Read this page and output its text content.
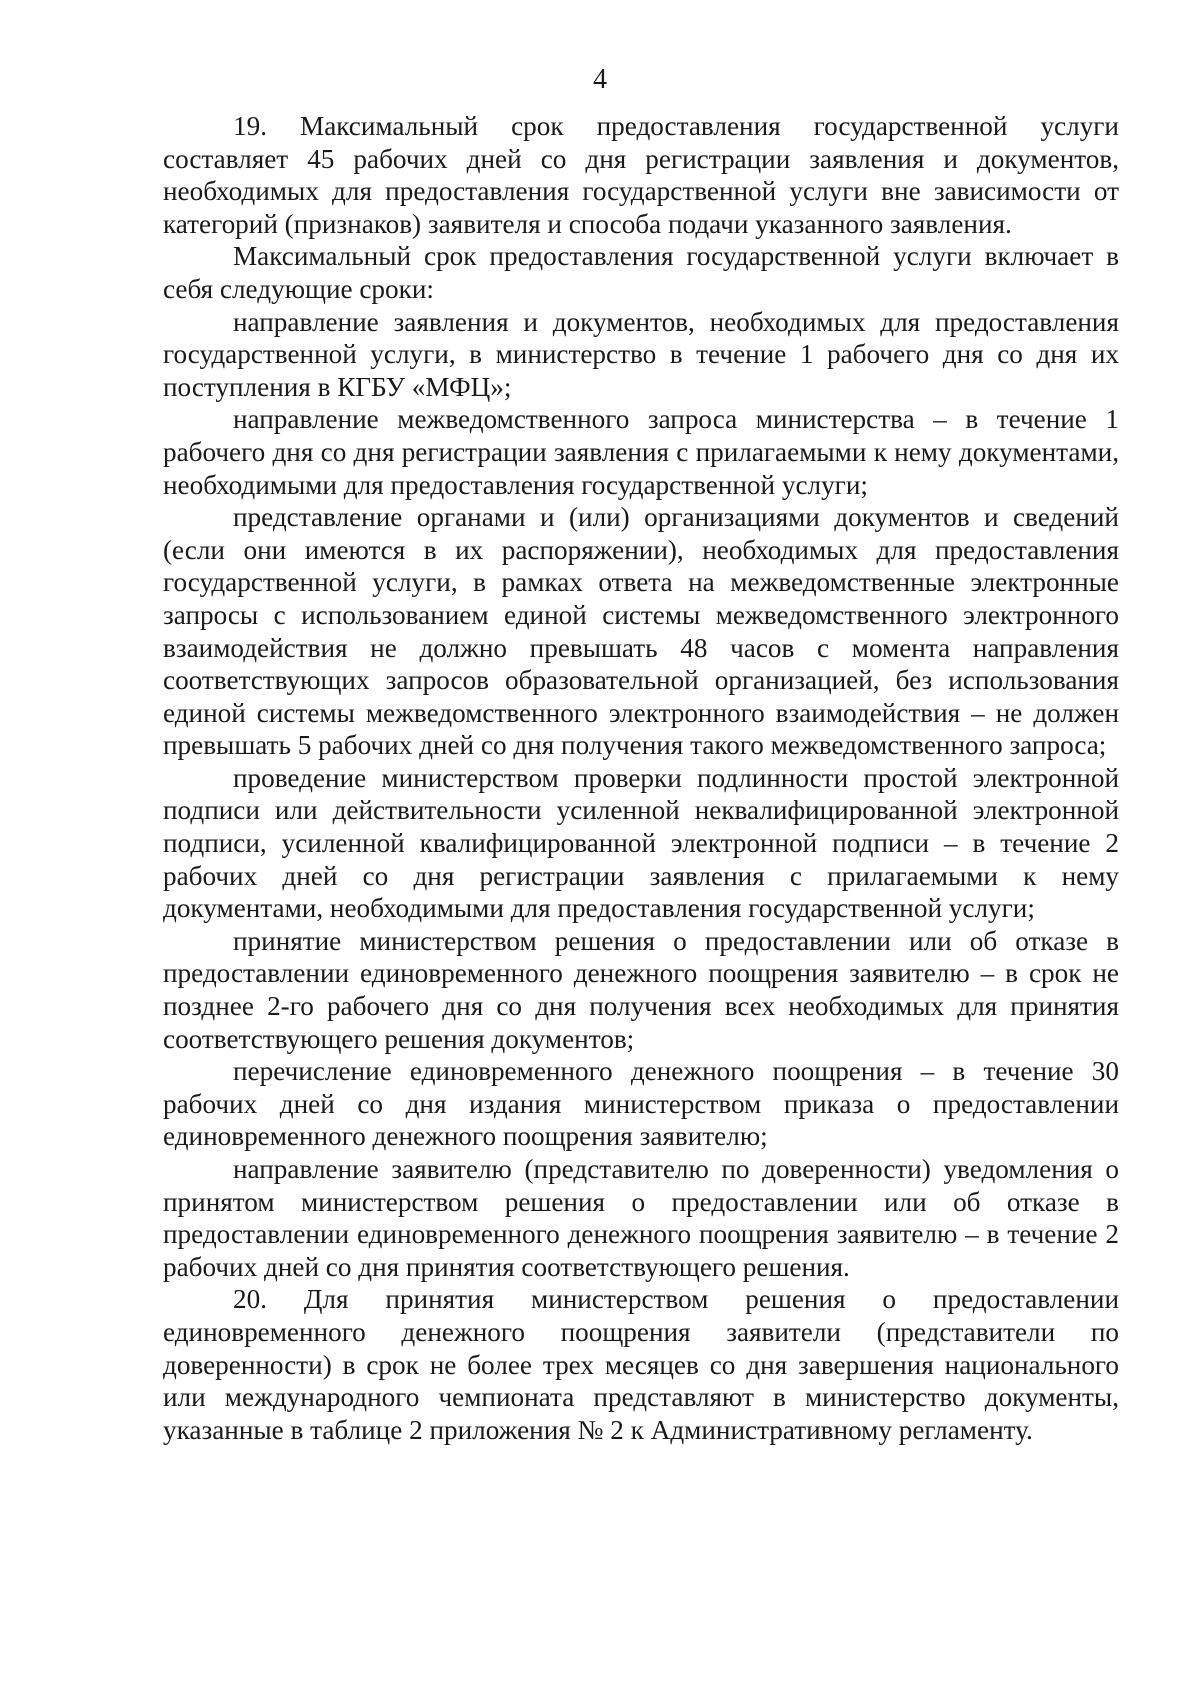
4

19. Максимальный срок предоставления государственной услуги составляет 45 рабочих дней со дня регистрации заявления и документов, необходимых для предоставления государственной услуги вне зависимости от категорий (признаков) заявителя и способа подачи указанного заявления.

Максимальный срок предоставления государственной услуги включает в себя следующие сроки:

направление заявления и документов, необходимых для предоставления государственной услуги, в министерство в течение 1 рабочего дня со дня их поступления в КГБУ «МФЦ»;

направление межведомственного запроса министерства – в течение 1 рабочего дня со дня регистрации заявления с прилагаемыми к нему документами, необходимыми для предоставления государственной услуги;

представление органами и (или) организациями документов и сведений (если они имеются в их распоряжении), необходимых для предоставления государственной услуги, в рамках ответа на межведомственные электронные запросы с использованием единой системы межведомственного электронного взаимодействия не должно превышать 48 часов с момента направления соответствующих запросов образовательной организацией, без использования единой системы межведомственного электронного взаимодействия – не должен превышать 5 рабочих дней со дня получения такого межведомственного запроса;

проведение министерством проверки подлинности простой электронной подписи или действительности усиленной неквалифицированной электронной подписи, усиленной квалифицированной электронной подписи – в течение 2 рабочих дней со дня регистрации заявления с прилагаемыми к нему документами, необходимыми для предоставления государственной услуги;

принятие министерством решения о предоставлении или об отказе в предоставлении единовременного денежного поощрения заявителю – в срок не позднее 2-го рабочего дня со дня получения всех необходимых для принятия соответствующего решения документов;

перечисление единовременного денежного поощрения – в течение 30 рабочих дней со дня издания министерством приказа о предоставлении единовременного денежного поощрения заявителю;

направление заявителю (представителю по доверенности) уведомления о принятом министерством решения о предоставлении или об отказе в предоставлении единовременного денежного поощрения заявителю – в течение 2 рабочих дней со дня принятия соответствующего решения.

20. Для принятия министерством решения о предоставлении единовременного денежного поощрения заявители (представители по доверенности) в срок не более трех месяцев со дня завершения национального или международного чемпионата представляют в министерство документы, указанные в таблице 2 приложения № 2 к Административному регламенту.
